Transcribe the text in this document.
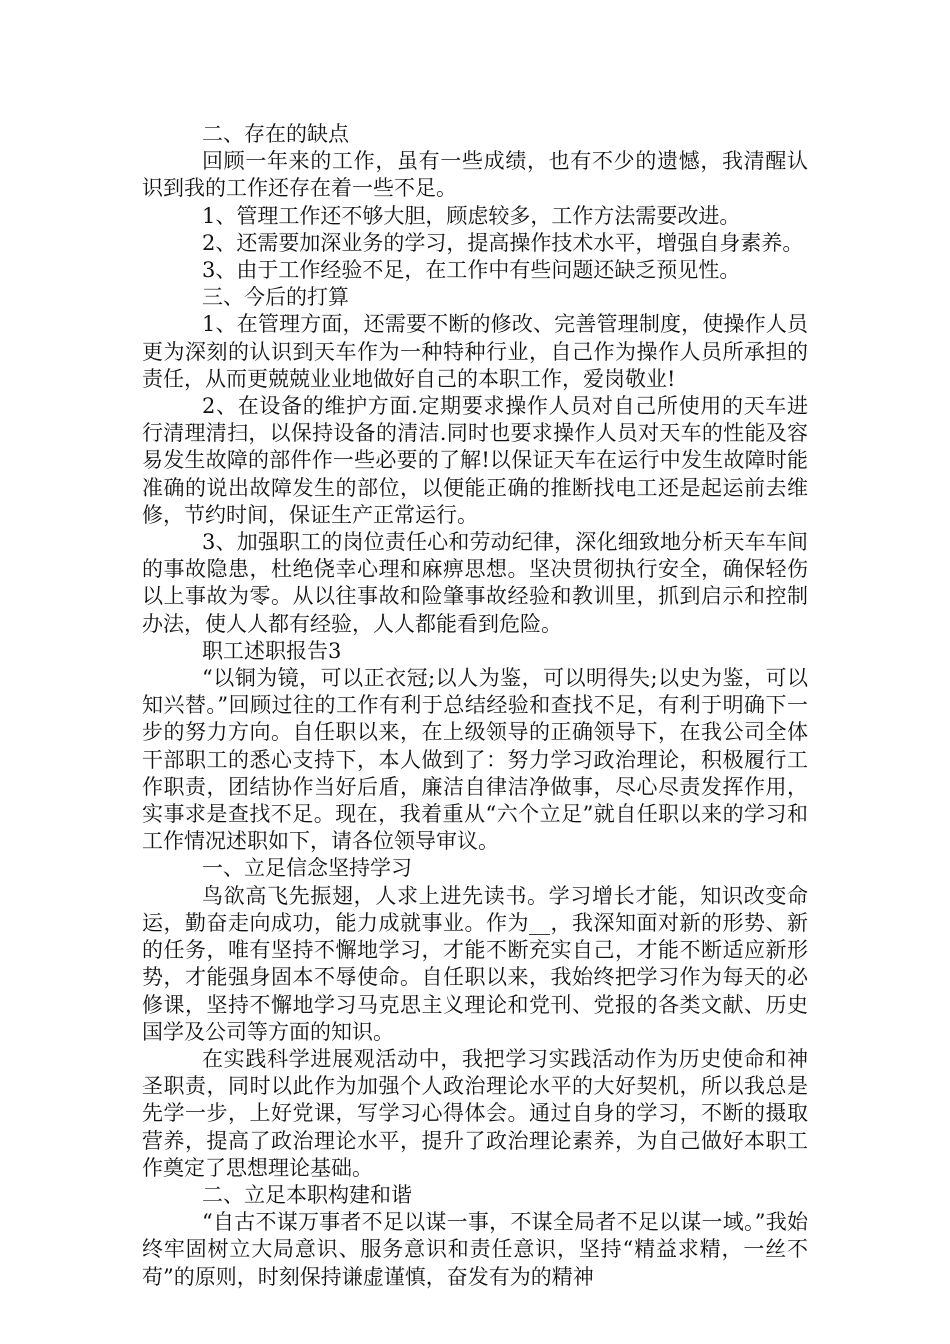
二、存在的缺点

回顾一年来的工作，虽有一些成绩，也有不少的遗憾，我清醒认识到我的工作还存在着一些不足。

1、管理工作还不够大胆，顾虑较多，工作方法需要改进。

2、还需要加深业务的学习，提高操作技术水平，增强自身素养。

3、由于工作经验不足，在工作中有些问题还缺乏预见性。

三、今后的打算

1、在管理方面，还需要不断的修改、完善管理制度，使操作人员更为深刻的认识到天车作为一种特种行业，自己作为操作人员所承担的责任，从而更兢兢业业地做好自己的本职工作，爱岗敬业!

2、在设备的维护方面.定期要求操作人员对自己所使用的天车进行清理清扫，以保持设备的清洁.同时也要求操作人员对天车的性能及容易发生故障的部件作一些必要的了解!以保证天车在运行中发生故障时能准确的说出故障发生的部位，以便能正确的推断找电工还是起运前去维修，节约时间，保证生产正常运行。

3、加强职工的岗位责任心和劳动纪律，深化细致地分析天车车间的事故隐患，杜绝侥幸心理和麻痹思想。坚决贯彻执行安全，确保轻伤以上事故为零。从以往事故和险肇事故经验和教训里，抓到启示和控制办法，使人人都有经验，人人都能看到危险。

职工述职报告3

“以铜为镜，可以正衣冠;以人为鉴，可以明得失;以史为鉴，可以知兴替。”回顾过往的工作有利于总结经验和查找不足，有利于明确下一步的努力方向。自任职以来，在上级领导的正确领导下，在我公司全体干部职工的悉心支持下，本人做到了：努力学习政治理论，积极履行工作职责，团结协作当好后盾，廉洁自律洁净做事，尽心尽责发挥作用，实事求是查找不足。现在，我着重从“六个立足”就自任职以来的学习和工作情况述职如下，请各位领导审议。

一、立足信念坚持学习

鸟欲高飞先振翅，人求上进先读书。学习增长才能，知识改变命运，勤奋走向成功，能力成就事业。作为__，我深知面对新的形势、新的任务，唯有坚持不懈地学习，才能不断充实自己，才能不断适应新形势，才能强身固本不辱使命。自任职以来，我始终把学习作为每天的必修课，坚持不懈地学习马克思主义理论和党刊、党报的各类文献、历史国学及公司等方面的知识。

在实践科学进展观活动中，我把学习实践活动作为历史使命和神圣职责，同时以此作为加强个人政治理论水平的大好契机，所以我总是先学一步，上好党课，写学习心得体会。通过自身的学习，不断的摄取营养，提高了政治理论水平，提升了政治理论素养，为自己做好本职工作奠定了思想理论基础。

二、立足本职构建和谐

“自古不谋万事者不足以谋一事，不谋全局者不足以谋一域。”我始终牢固树立大局意识、服务意识和责任意识，坚持“精益求精，一丝不苟”的原则，时刻保持谦虚谨慎，奋发有为的精神
